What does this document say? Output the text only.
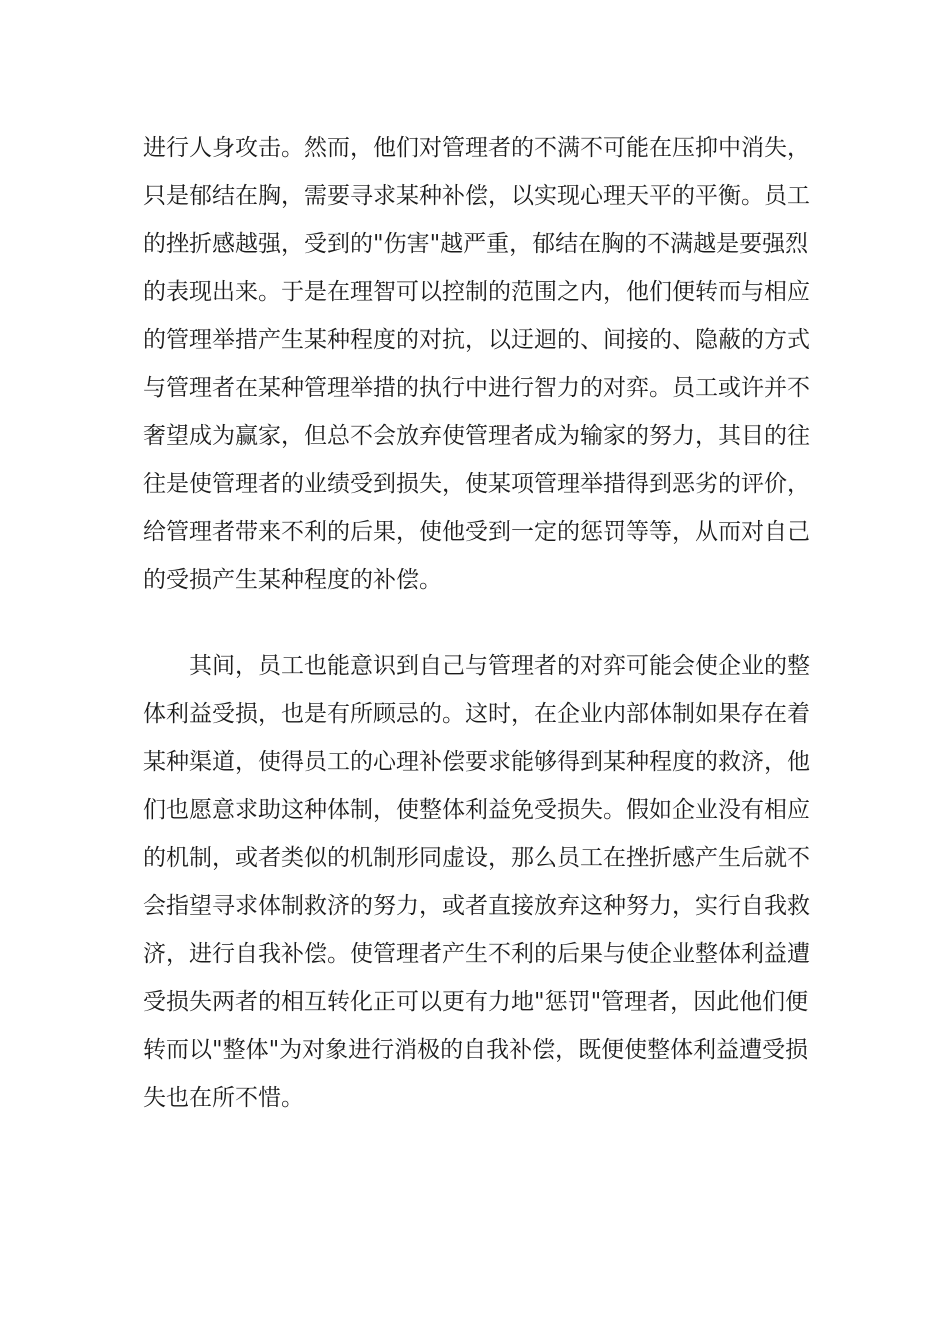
进行人身攻击。然而，他们对管理者的不满不可能在压抑中消失，
只是郁结在胸，需要寻求某种补偿，以实现心理天平的平衡。员工
的挫折感越强，受到的"伤害"越严重，郁结在胸的不满越是要强烈
的表现出来。于是在理智可以控制的范围之内，他们便转而与相应
的管理举措产生某种程度的对抗，以迂迴的、间接的、隐蔽的方式
与管理者在某种管理举措的执行中进行智力的对弈。员工或许并不
奢望成为赢家，但总不会放弃使管理者成为输家的努力，其目的往
往是使管理者的业绩受到损失，使某项管理举措得到恶劣的评价，
给管理者带来不利的后果，使他受到一定的惩罚等等，从而对自己
的受损产生某种程度的补偿。
其间，员工也能意识到自己与管理者的对弈可能会使企业的整
体利益受损，也是有所顾忌的。这时，在企业内部体制如果存在着
某种渠道，使得员工的心理补偿要求能够得到某种程度的救济，他
们也愿意求助这种体制，使整体利益免受损失。假如企业没有相应
的机制，或者类似的机制形同虚设，那么员工在挫折感产生后就不
会指望寻求体制救济的努力，或者直接放弃这种努力，实行自我救
济，进行自我补偿。使管理者产生不利的后果与使企业整体利益遭
受损失两者的相互转化正可以更有力地"惩罚"管理者，因此他们便
转而以"整体"为对象进行消极的自我补偿，既便使整体利益遭受损
失也在所不惜。
